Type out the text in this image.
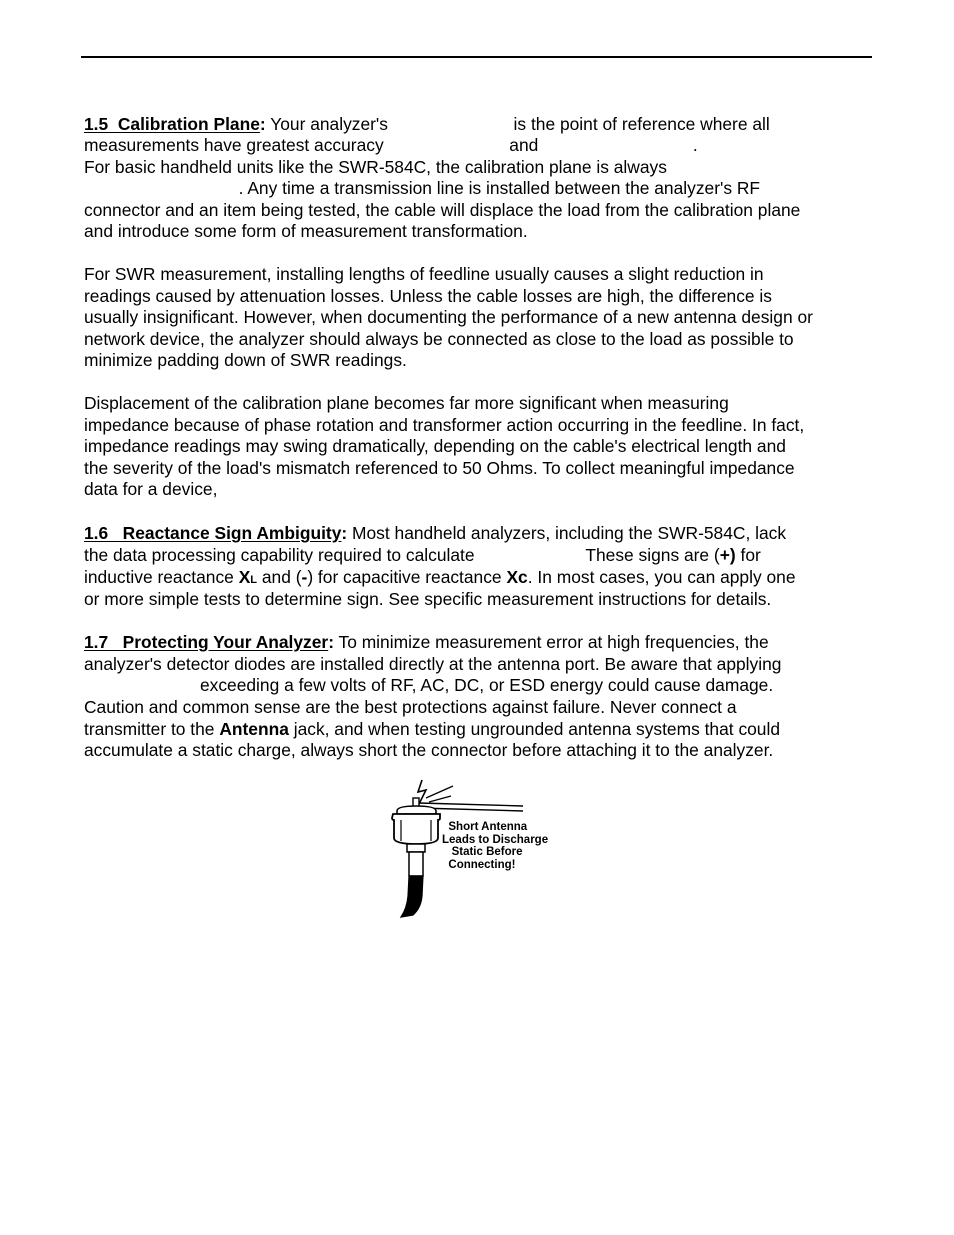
1.5  Calibration Plane: Your analyzer's                          is the point of reference where all
measurements have greatest accuracy                          and                                .
For basic handheld units like the SWR-584C, the calibration plane is always
. Any time a transmission line is installed between the analyzer's RF
connector and an item being tested, the cable will displace the load from the calibration plane
and introduce some form of measurement transformation.
For SWR measurement, installing lengths of feedline usually causes a slight reduction in
readings caused by attenuation losses. Unless the cable losses are high, the difference is
usually insignificant. However, when documenting the performance of a new antenna design or
network device, the analyzer should always be connected as close to the load as possible to
minimize padding down of SWR readings.
Displacement of the calibration plane becomes far more significant when measuring
impedance because of phase rotation and transformer action occurring in the feedline. In fact,
impedance readings may swing dramatically, depending on the cable's electrical length and
the severity of the load's mismatch referenced to 50 Ohms. To collect meaningful impedance
data for a device,
1.6   Reactance Sign Ambiguity: Most handheld analyzers, including the SWR-584C, lack
the data processing capability required to calculate                       These signs are (+) for
inductive reactance XL and (-) for capacitive reactance Xc. In most cases, you can apply one
or more simple tests to determine sign. See specific measurement instructions for details.
1.7   Protecting Your Analyzer: To minimize measurement error at high frequencies, the
analyzer's detector diodes are installed directly at the antenna port. Be aware that applying
exceeding a few volts of RF, AC, DC, or ESD energy could cause damage.
Caution and common sense are the best protections against failure. Never connect a
transmitter to the Antenna jack, and when testing ungrounded antenna systems that could
accumulate a static charge, always short the connector before attaching it to the analyzer.
Short Antenna
Leads to Discharge
Static Before
Connecting!
